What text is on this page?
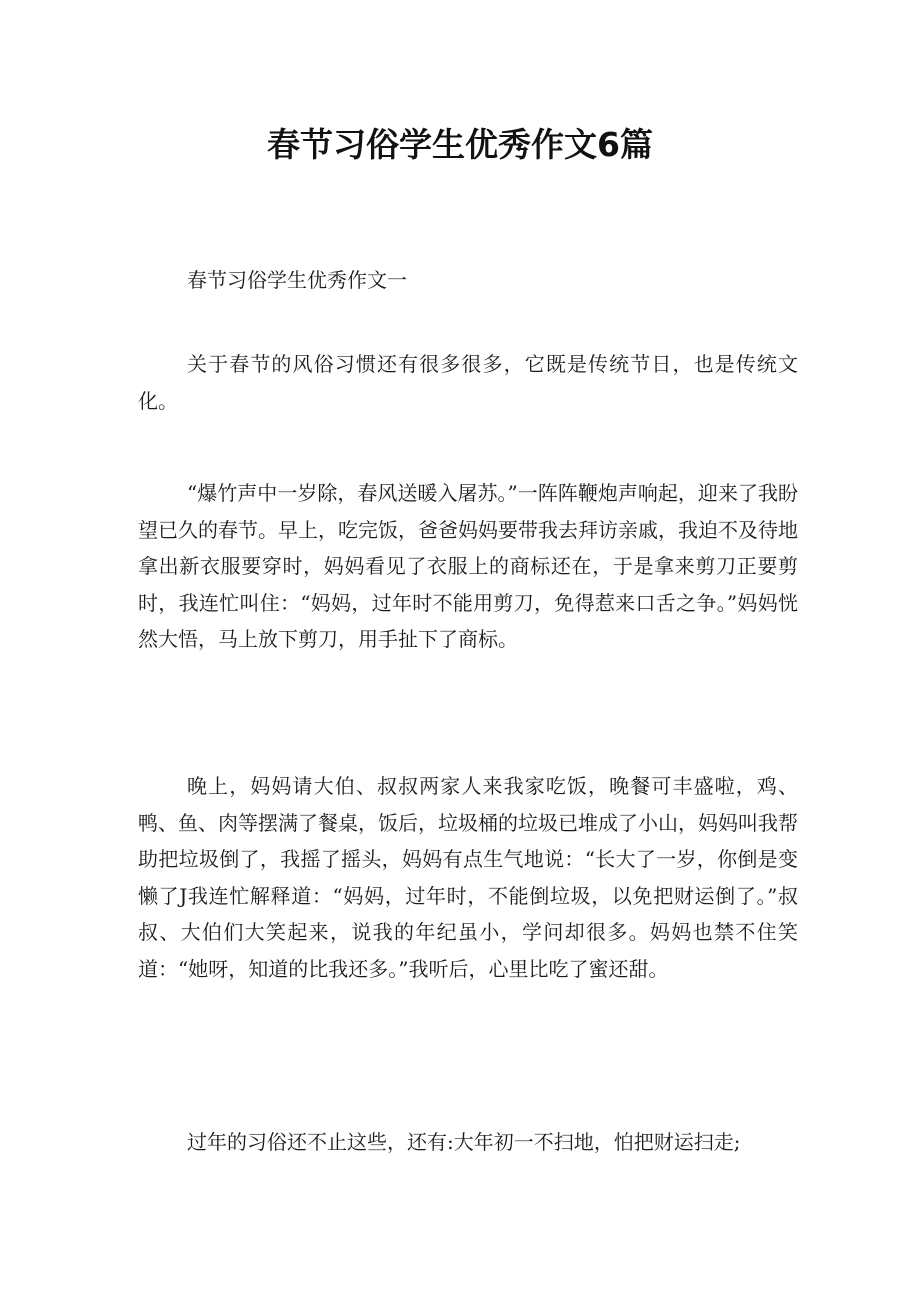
春节习俗学生优秀作文6篇

春节习俗学生优秀作文一

关于春节的风俗习惯还有很多很多，它既是传统节日，也是传统文化。

“爆竹声中一岁除，春风送暖入屠苏。”一阵阵鞭炮声响起，迎来了我盼望已久的春节。早上，吃完饭，爸爸妈妈要带我去拜访亲戚，我迫不及待地拿出新衣服要穿时，妈妈看见了衣服上的商标还在，于是拿来剪刀正要剪时，我连忙叫住：“妈妈，过年时不能用剪刀，免得惹来口舌之争。”妈妈恍然大悟，马上放下剪刀，用手扯下了商标。

晚上，妈妈请大伯、叔叔两家人来我家吃饭，晚餐可丰盛啦，鸡、鸭、鱼、肉等摆满了餐桌，饭后，垃圾桶的垃圾已堆成了小山，妈妈叫我帮助把垃圾倒了，我摇了摇头，妈妈有点生气地说：“长大了一岁，你倒是变懒了J我连忙解释道：“妈妈，过年时，不能倒垃圾，以免把财运倒了。”叔叔、大伯们大笑起来，说我的年纪虽小，学问却很多。妈妈也禁不住笑道：“她呀，知道的比我还多。”我听后，心里比吃了蜜还甜。

过年的习俗还不止这些，还有:大年初一不扫地，怕把财运扫走;
